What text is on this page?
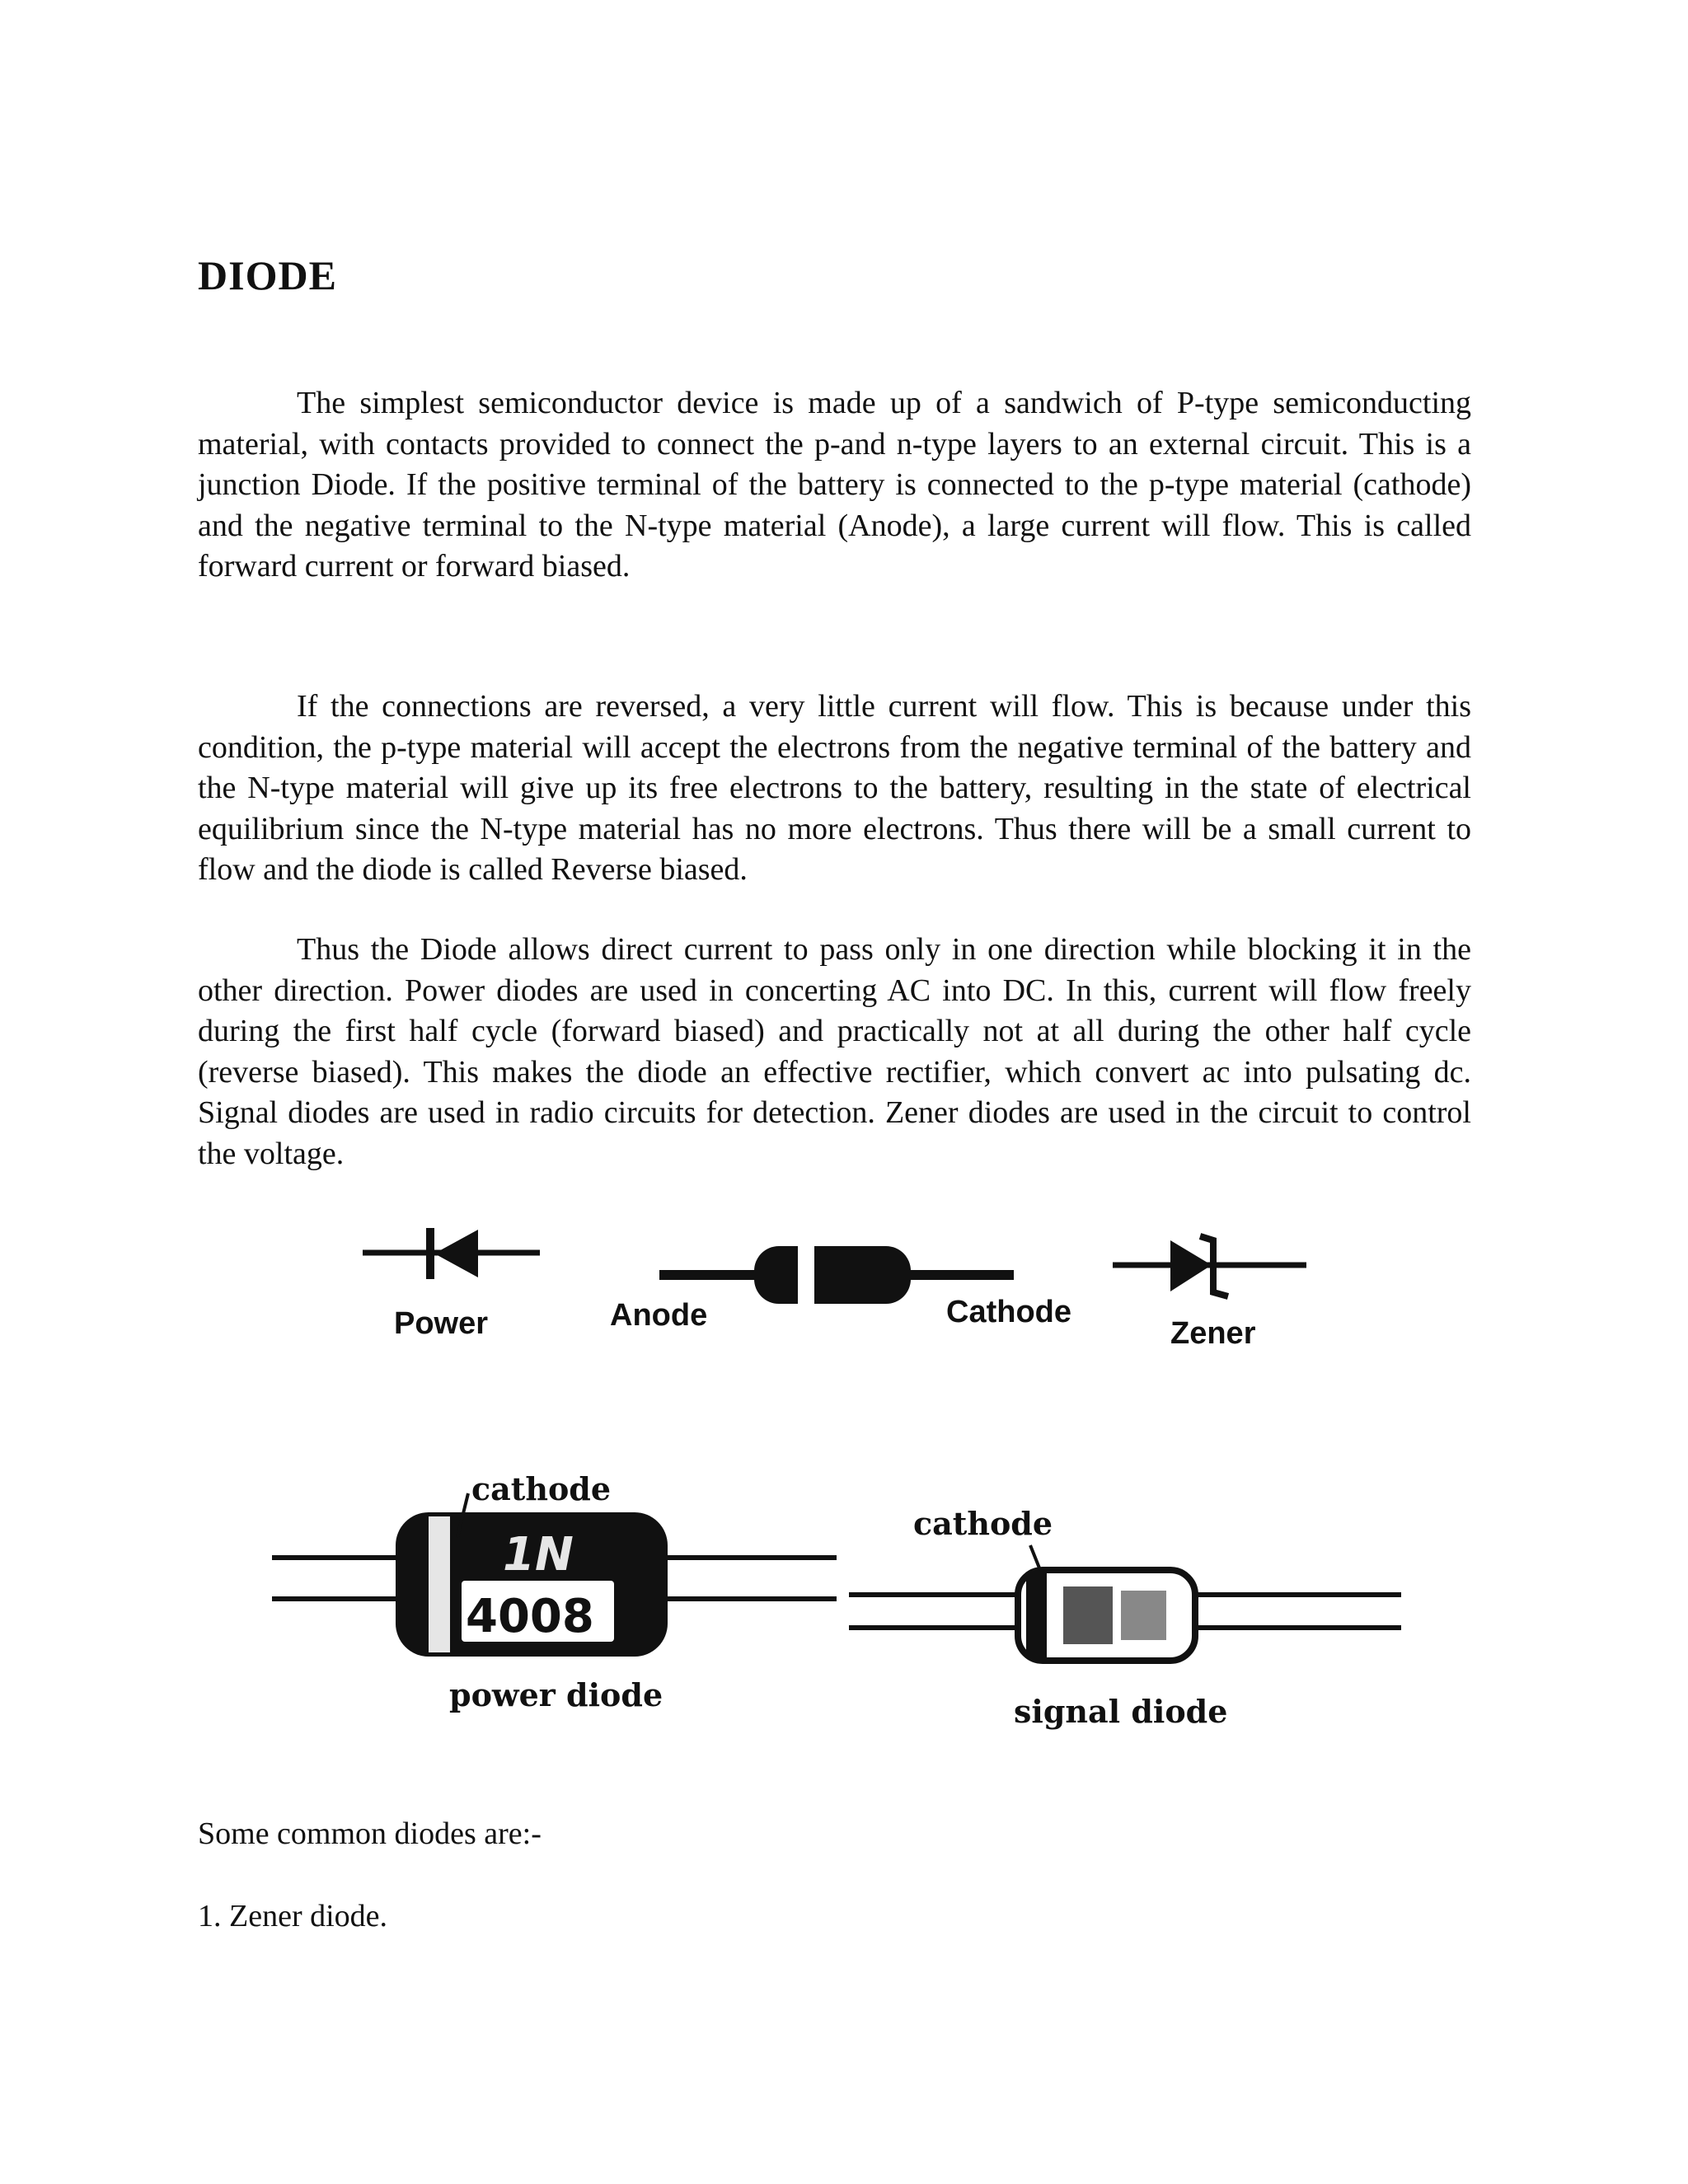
DIODE

The simplest semiconductor device is made up of a sandwich of P-type semiconducting material, with contacts provided to connect the p-and n-type layers to an external circuit. This is a junction Diode. If the positive terminal of the battery is connected to the p-type material (cathode) and the negative terminal to the N-type material (Anode), a large current will flow. This is called forward current or forward biased.

If the connections are reversed, a very little current will flow. This is because under this condition, the p-type material will accept the electrons from the negative terminal of the battery and the N-type material will give up its free electrons to the battery, resulting in the state of electrical equilibrium since the N-type material has no more electrons. Thus there will be a small current to flow and the diode is called Reverse biased.

Thus the Diode allows direct current to pass only in one direction while blocking it in the other direction. Power diodes are used in concerting AC into DC. In this, current will flow freely during the first half cycle (forward biased) and practically not at all during the other half cycle (reverse biased). This makes the diode an effective rectifier, which convert ac into pulsating dc. Signal diodes are used in radio circuits for detection. Zener diodes are used in the circuit to control the voltage.

Power	Anode	Cathode
Zener
1N
4008
cathode
power diode
cathode
signal diode

Some common diodes are:-

1. Zener diode.
